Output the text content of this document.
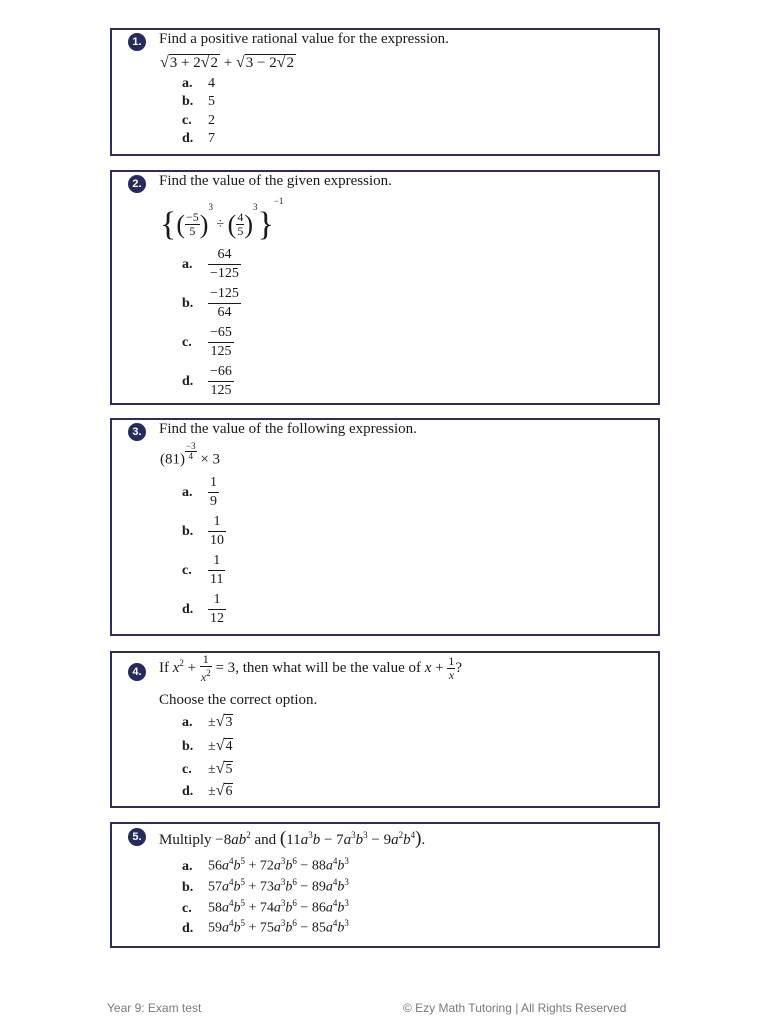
1. Find a positive rational value for the expression.
√3 + 2√2 + √3 − 2√2
a. 4
b. 5
c. 2
d. 7
2. Find the value of the given expression.
{( $\frac{-5}{5} )^3$ ÷ ( $\frac{4}{5} )^3\}^{-1}$
a. $\frac{64}{-125}$
b. $\frac{-125}{64}$
c. $\frac{-65}{125}$
d. $\frac{-66}{125}$
3. Find the value of the following expression.
(81) $^{\frac{-3}{4}}$ × 3
a. $\frac{1}{9}$
b. $\frac{1}{10}$
c. $\frac{1}{11}$
d. $\frac{1}{12}$
4. If $x^2 + \frac{1}{x^2} = 3$, then what will be the value of $x + \frac{1}{x}$ ?
Choose the correct option.
a. ±√3
b. ±√4
c. ±√5
d. ±√6
5. Multiply $-8ab^2$ and $(11a^3b - 7a^3b^3 - 9a^2b^4)$.
a. $56a^4b^5 + 72a^3b^6 - 88a^4b^3$
b. $57a^4b^5 + 73a^3b^6 - 89a^4b^3$
c. $58a^4b^5 + 74a^3b^6 - 86a^4b^3$
d. $59a^4b^5 + 75a^3b^6 - 85a^4b^3$
Year 9: Exam test	© Ezy Math Tutoring | All Rights Reserved
